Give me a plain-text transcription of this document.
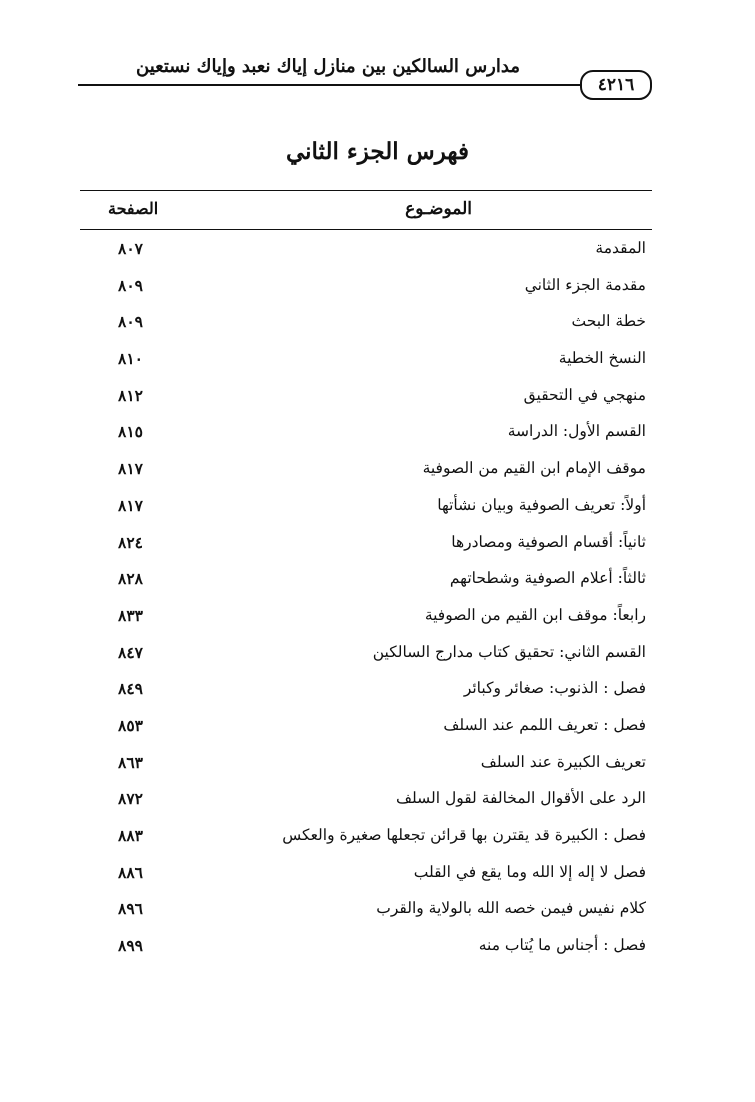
مدارس السالكين بين منازل إياك نعبد وإياك نستعين
٤٢١٦
فهرس الجزء الثاني
الموضـوع
الصفحة
المقدمة
٨٠٧
مقدمة الجزء الثاني
٨٠٩
خطة البحث
٨٠٩
النسخ الخطية
٨١٠
منهجي في التحقيق
٨١٢
القسم الأول: الدراسة
٨١٥
موقف الإمام ابن القيم من الصوفية
٨١٧
أولاً: تعريف الصوفية وبيان نشأتها
٨١٧
ثانياً: أقسام الصوفية ومصادرها
٨٢٤
ثالثاً: أعلام الصوفية وشطحاتهم
٨٢٨
رابعاً: موقف ابن القيم من الصوفية
٨٣٣
القسم الثاني: تحقيق كتاب مدارج السالكين
٨٤٧
فصل : الذنوب: صغائر وكبائر
٨٤٩
فصل : تعريف اللمم عند السلف
٨٥٣
تعريف الكبيرة عند السلف
٨٦٣
الرد على الأقوال المخالفة لقول السلف
٨٧٢
فصل : الكبيرة قد يقترن بها قرائن تجعلها صغيرة والعكس
٨٨٣
فصل لا إله إلا الله وما يقع في القلب
٨٨٦
كلام نفيس فيمن خصه الله بالولاية والقرب
٨٩٦
فصل : أجناس ما يُتاب منه
٨٩٩
